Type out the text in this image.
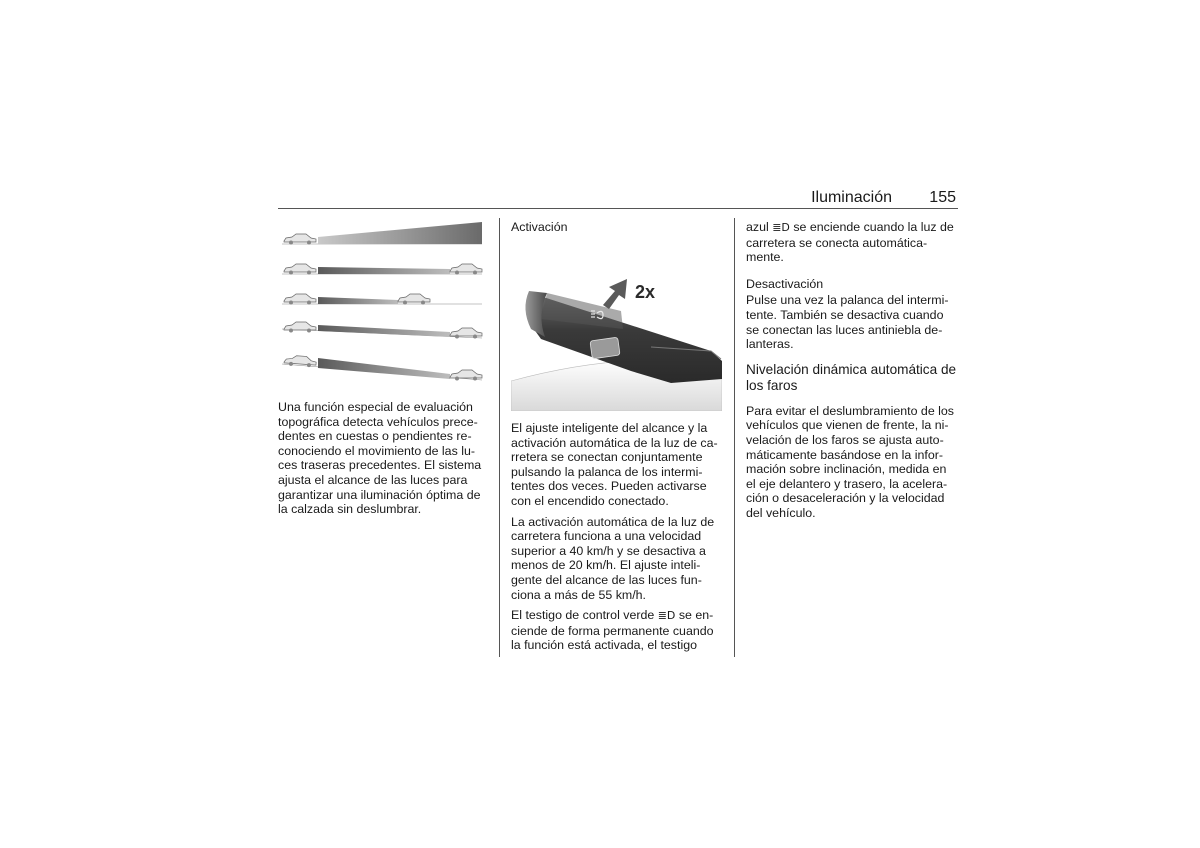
Iluminación 155

Una función especial de evaluación topográfica detecta vehículos precedentes en cuestas o pendientes reconociendo el movimiento de las luces traseras precedentes. El sistema ajusta el alcance de las luces para garantizar una iluminación óptima de la calzada sin deslumbrar.

Activación
2x

El ajuste inteligente del alcance y la activación automática de la luz de carretera se conectan conjuntamente pulsando la palanca de los intermitentes dos veces. Pueden activarse con el encendido conectado.

La activación automática de la luz de carretera funciona a una velocidad superior a 40 km/h y se desactiva a menos de 20 km/h. El ajuste inteligente del alcance de las luces funciona a más de 55 km/h.

El testigo de control verde ≣D se enciende de forma permanente cuando la función está activada, el testigo

azul ≣D se enciende cuando la luz de carretera se conecta automáticamente.

Desactivación

Pulse una vez la palanca del intermitente. También se desactiva cuando se conectan las luces antiniebla delanteras.

Nivelación dinámica automática de los faros

Para evitar el deslumbramiento de los vehículos que vienen de frente, la nivelación de los faros se ajusta automáticamente basándose en la información sobre inclinación, medida en el eje delantero y trasero, la aceleración o desaceleración y la velocidad del vehículo.
